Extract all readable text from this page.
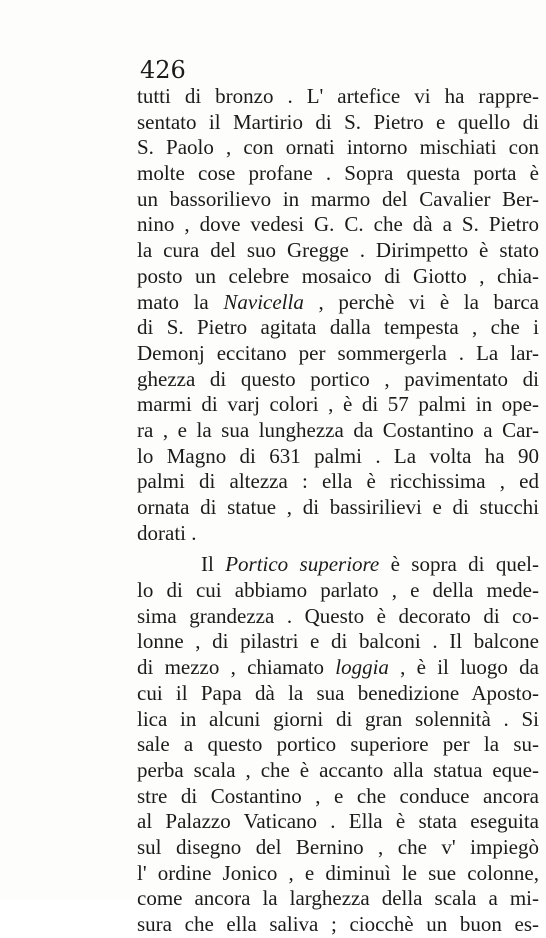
426
tutti di bronzo . L' artefice vi ha rappre-
sentato il Martirio di S. Pietro e quello di
S. Paolo , con ornati intorno mischiati con
molte cose profane . Sopra questa porta è
un bassorilievo in marmo del Cavalier Ber-
nino , dove vedesi G. C. che dà a S. Pietro
la cura del suo Gregge . Dirimpetto è stato
posto un celebre mosaico di Giotto , chia-
mato la Navicella , perchè vi è la barca
di S. Pietro agitata dalla tempesta , che i
Demonj eccitano per sommergerla . La lar-
ghezza di questo portico , pavimentato di
marmi di varj colori , è di 57 palmi in ope-
ra , e la sua lunghezza da Costantino a Car-
lo Magno di 631 palmi . La volta ha 90
palmi di altezza : ella è ricchissima , ed
ornata di statue , di bassirilievi e di stucchi
dorati .
Il Portico superiore è sopra di quel-
lo di cui abbiamo parlato , e della mede-
sima grandezza . Questo è decorato di co-
lonne , di pilastri e di balconi . Il balcone
di mezzo , chiamato loggia , è il luogo da
cui il Papa dà la sua benedizione Aposto-
lica in alcuni giorni di gran solennità . Si
sale a questo portico superiore per la su-
perba scala , che è accanto alla statua eque-
stre di Costantino , e che conduce ancora
al Palazzo Vaticano . Ella è stata eseguita
sul disegno del Bernino , che v' impiegò
l' ordine Jonico , e diminuì le sue colonne,
come ancora la larghezza della scala a mi-
sura che ella saliva ; ciocchè un buon es-
